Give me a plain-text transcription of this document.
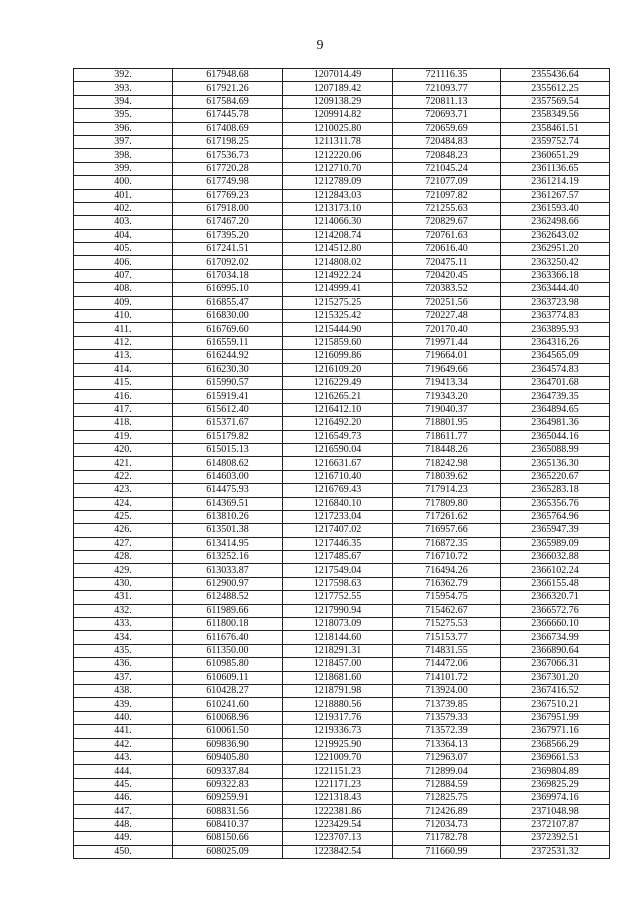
9
392.	617948.68	1207014.49	721116.35	2355436.64
393.	617921.26	1207189.42	721093.77	2355612.25
394.	617584.69	1209138.29	720811.13	2357569.54
395.	617445.78	1209914.82	720693.71	2358349.56
396.	617408.69	1210025.80	720659.69	2358461.51
397.	617198.25	1211311.78	720484.83	2359752.74
398.	617536.73	1212220.06	720848.23	2360651.29
399.	617720.28	1212710.70	721045.24	2361136.65
400.	617749.98	1212789.09	721077.09	2361214.19
401.	617769.23	1212843.03	721097.82	2361267.57
402.	617918.00	1213173.10	721255.63	2361593.40
403.	617467.20	1214066.30	720829.67	2362498.66
404.	617395.20	1214208.74	720761.63	2362643.02
405.	617241.51	1214512.80	720616.40	2362951.20
406.	617092.02	1214808.02	720475.11	2363250.42
407.	617034.18	1214922.24	720420.45	2363366.18
408.	616995.10	1214999.41	720383.52	2363444.40
409.	616855.47	1215275.25	720251.56	2363723.98
410.	616830.00	1215325.42	720227.48	2363774.83
411.	616769.60	1215444.90	720170.40	2363895.93
412.	616559.11	1215859.60	719971.44	2364316.26
413.	616244.92	1216099.86	719664.01	2364565.09
414.	616230.30	1216109.20	719649.66	2364574.83
415.	615990.57	1216229.49	719413.34	2364701.68
416.	615919.41	1216265.21	719343.20	2364739.35
417.	615612.40	1216412.10	719040.37	2364894.65
418.	615371.67	1216492.20	718801.95	2364981.36
419.	615179.82	1216549.73	718611.77	2365044.16
420.	615015.13	1216590.04	718448.26	2365088.99
421.	614808.62	1216631.67	718242.98	2365136.30
422.	614603.00	1216710.40	718039.62	2365220.67
423.	614475.93	1216769.43	717914.23	2365283.18
424.	614369.51	1216840.10	717809.80	2365356.76
425.	613810.26	1217233.04	717261.62	2365764.96
426.	613501.38	1217407.02	716957.66	2365947.39
427.	613414.95	1217446.35	716872.35	2365989.09
428.	613252.16	1217485.67	716710.72	2366032.88
429.	613033.87	1217549.04	716494.26	2366102.24
430.	612900.97	1217598.63	716362.79	2366155.48
431.	612488.52	1217752.55	715954.75	2366320.71
432.	611989.66	1217990.94	715462.67	2366572.76
433.	611800.18	1218073.09	715275.53	2366660.10
434.	611676.40	1218144.60	715153.77	2366734.99
435.	611350.00	1218291.31	714831.55	2366890.64
436.	610985.80	1218457.00	714472.06	2367066.31
437.	610609.11	1218681.60	714101.72	2367301.20
438.	610428.27	1218791.98	713924.00	2367416.52
439.	610241.60	1218880.56	713739.85	2367510.21
440.	610068.96	1219317.76	713579.33	2367951.99
441.	610061.50	1219336.73	713572.39	2367971.16
442.	609836.90	1219925.90	713364.13	2368566.29
443.	609405.80	1221009.70	712963.07	2369661.53
444.	609337.84	1221151.23	712899.04	2369804.89
445.	609322.83	1221171.23	712884.59	2369825.29
446.	609259.91	1221318.43	712825.75	2369974.16
447.	608831.56	1222381.86	712426.89	2371048.98
448.	608410.37	1223429.54	712034.73	2372107.87
449.	608150.66	1223707.13	711782.78	2372392.51
450.	608025.09	1223842.54	711660.99	2372531.32
